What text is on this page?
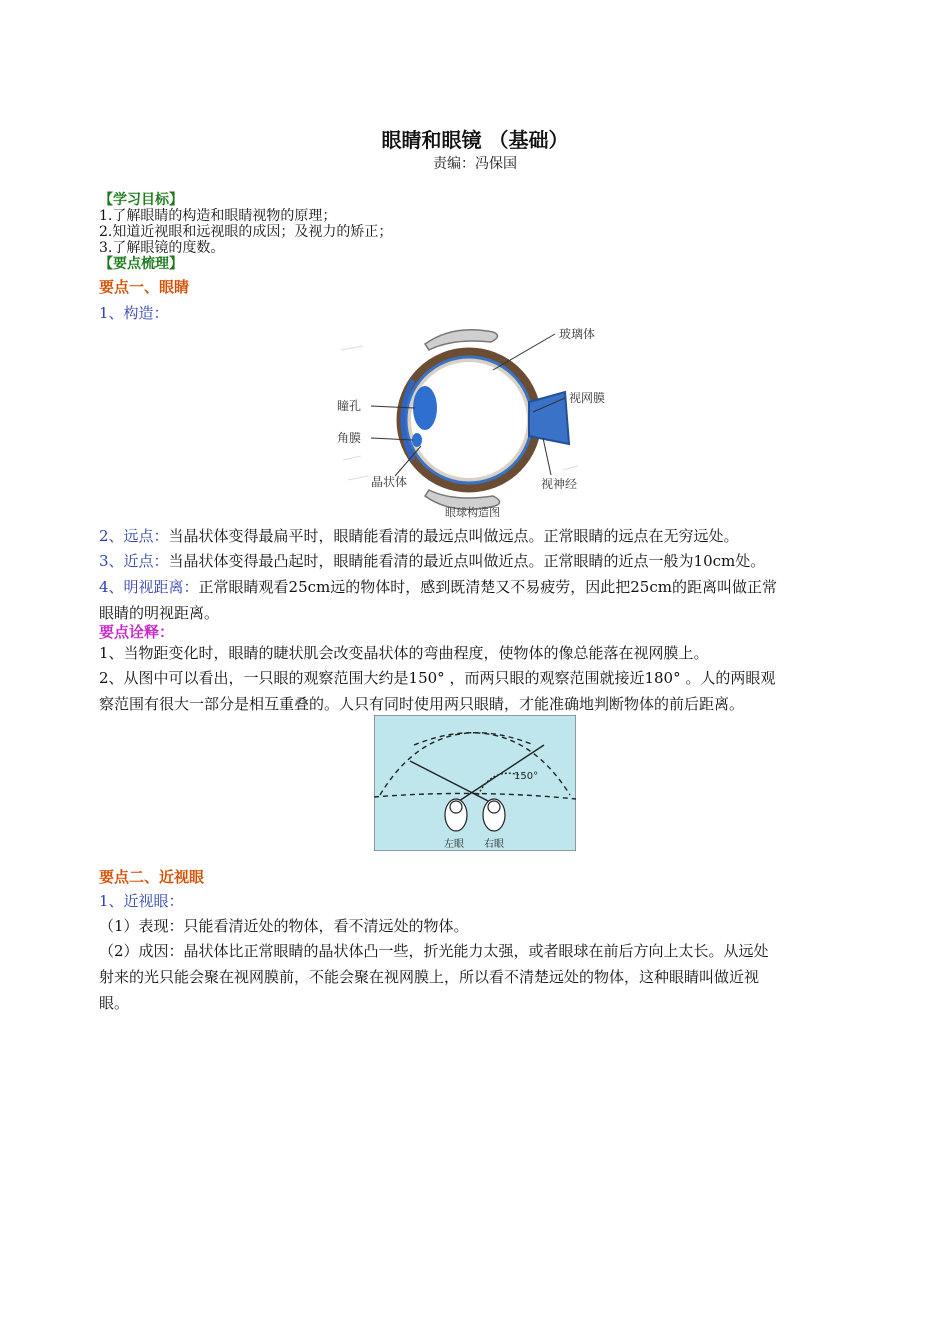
眼睛和眼镜 （基础）
责编：冯保国
【学习目标】
1.了解眼睛的构造和眼睛视物的原理；
2.知道近视眼和远视眼的成因；及视力的矫正；
3.了解眼镜的度数。
【要点梳理】
要点一、眼睛
1、构造：
玻璃体
视网膜
瞳孔
角膜
晶状体	视神经
眼球构造图
2、远点：当晶状体变得最扁平时，眼睛能看清的最远点叫做远点。正常眼睛的远点在无穷远处。
3、近点：当晶状体变得最凸起时，眼睛能看清的最近点叫做近点。正常眼睛的近点一般为10cm处。
4、明视距离：正常眼睛观看25cm远的物体时，感到既清楚又不易疲劳，因此把25cm的距离叫做正常
眼睛的明视距离。
要点诠释：
1、当物距变化时，眼睛的睫状肌会改变晶状体的弯曲程度，使物体的像总能落在视网膜上。
2、从图中可以看出，一只眼的观察范围大约是150° ，而两只眼的观察范围就接近180° 。人的两眼观
察范围有很大一部分是相互重叠的。人只有同时使用两只眼睛，才能准确地判断物体的前后距离。
150°
左眼 右眼
要点二、近视眼
1、近视眼：
（1）表现：只能看清近处的物体，看不清远处的物体。
（2）成因：晶状体比正常眼睛的晶状体凸一些，折光能力太强，或者眼球在前后方向上太长。从远处
射来的光只能会聚在视网膜前，不能会聚在视网膜上，所以看不清楚远处的物体，这种眼睛叫做近视
眼。
